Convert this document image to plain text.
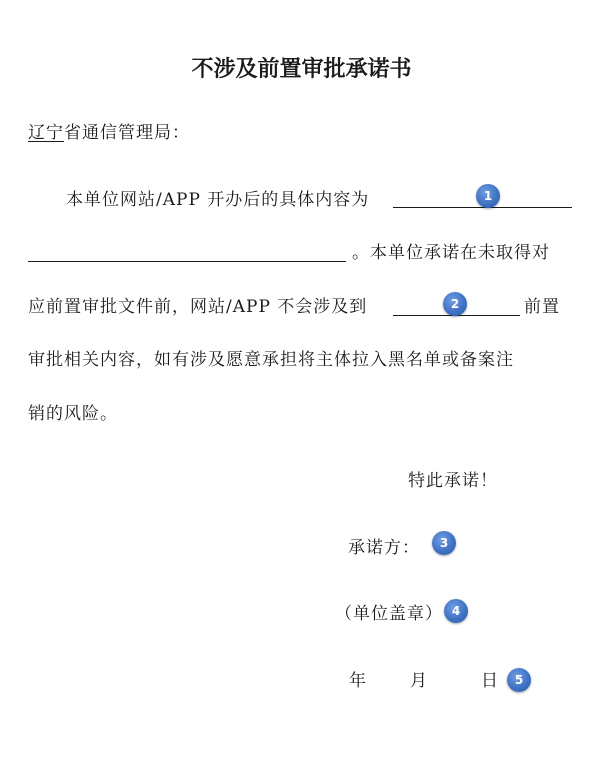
不涉及前置审批承诺书
辽宁省通信管理局：
本单位网站/APP 开办后的具体内容为	1
。本单位承诺在未取得对
应前置审批文件前，网站/APP 不会涉及到	2	前置
审批相关内容，如有涉及愿意承担将主体拉入黑名单或备案注
销的风险。
特此承诺！
承诺方：	3
（单位盖章） 4
年	月	日	5
